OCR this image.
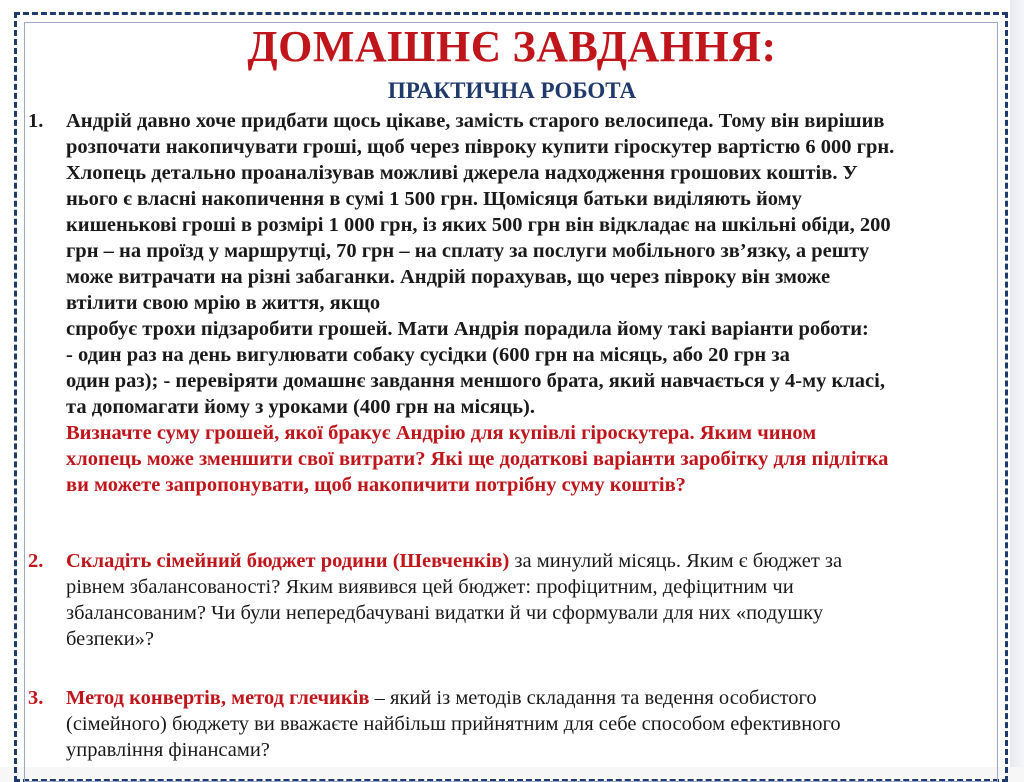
ДОМАШНЄ ЗАВДАННЯ:
ПРАКТИЧНА РОБОТА
1.	Андрій давно хоче придбати щось цікаве, замість старого велосипеда. Тому він вирішив
розпочати накопичувати гроші, щоб через півроку купити гіроскутер вартістю 6 000 грн.
Хлопець детально проаналізував можливі джерела надходження грошових коштів. У
нього є власні накопичення в сумі 1 500 грн. Щомісяця батьки виділяють йому
кишенькові гроші в розмірі 1 000 грн, із яких 500 грн він відкладає на шкільні обіди, 200
грн – на проїзд у маршрутці, 70 грн – на сплату за послуги мобільного зв’язку, а решту
може витрачати на різні забаганки. Андрій порахував, що через півроку він зможе
втілити свою мрію в життя, якщо
спробує трохи підзаробити грошей. Мати Андрія порадила йому такі варіанти роботи:
- один раз на день вигулювати собаку сусідки (600 грн на місяць, або 20 грн за
один раз); - перевіряти домашнє завдання меншого брата, який навчається у 4-му класі,
та допомагати йому з уроками (400 грн на місяць).
Визначте суму грошей, якої бракує Андрію для купівлі гіроскутера. Яким чином
хлопець може зменшити свої витрати? Які ще додаткові варіанти заробітку для підлітка
ви можете запропонувати, щоб накопичити потрібну суму коштів?
2.	Складіть сімейний бюджет родини (Шевченків) за минулий місяць. Яким є бюджет за
рівнем збалансованості? Яким виявився цей бюджет: профіцитним, дефіцитним чи
збалансованим? Чи були непередбачувані видатки й чи сформували для них «подушку
безпеки»?
3.	Метод конвертів, метод глечиків – який із методів складання та ведення особистого
(сімейного) бюджету ви вважаєте найбільш прийнятним для себе способом ефективного
управління фінансами?
